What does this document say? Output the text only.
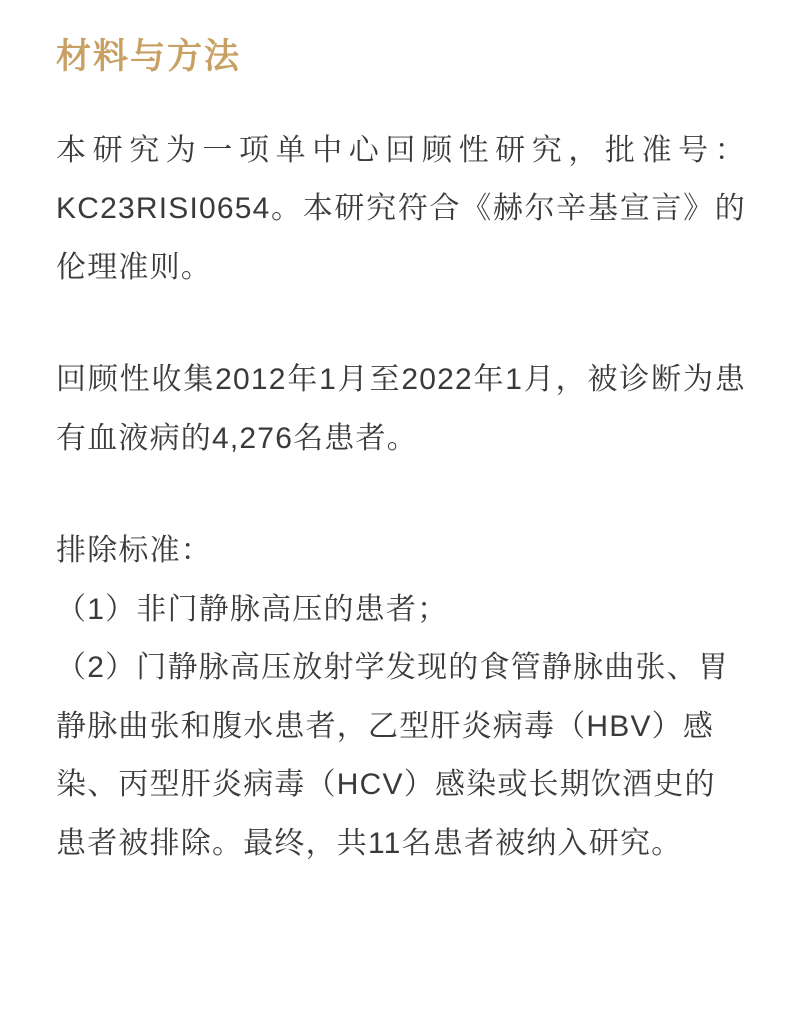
材料与方法

本研究为一项单中心回顾性研究，批准号：KC23RISI0654。本研究符合《赫尔辛基宣言》的伦理准则。

回顾性收集2012年1月至2022年1月，被诊断为患有血液病的4,276名患者。

排除标准：

（1）非门静脉高压的患者；

（2）门静脉高压放射学发现的食管静脉曲张、胃静脉曲张和腹水患者，乙型肝炎病毒（HBV）感染、丙型肝炎病毒（HCV）感染或长期饮酒史的患者被排除。最终，共11名患者被纳入研究。
